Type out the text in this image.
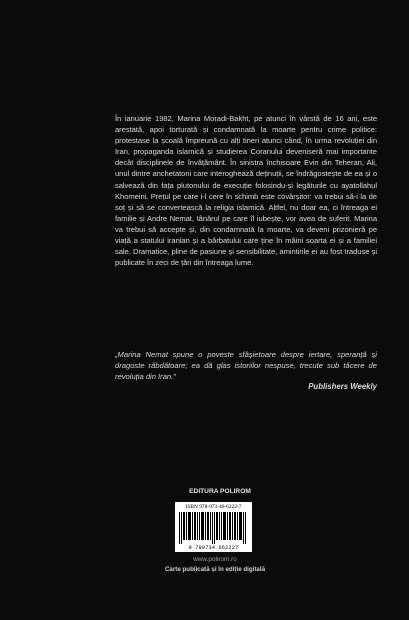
În ianuarie 1982, Marina Moradi-Bakht, pe atunci în vârstă de 16 ani, este arestată, apoi torturată și condamnată la moarte pentru crime politice: protestase la școală împreună cu alți tineri atunci când, în urma revoluției din Iran, propaganda islamică și studierea Coranului deveniseră mai importante decât disciplinele de învățământ. În sinistra închisoare Evin din Teheran, Ali, unul dintre anchetatorii care interoghează deținuții, se îndrăgostește de ea și o salvează din fața plutonului de execuție folosindu-și legăturile cu ayatollahul Khomeini. Prețul pe care i-l cere în schimb este covârșitor: va trebui să-i la de soț și să se convertească la religia islamică. Altfel, nu doar ea, ci întreaga ei familie și Andre Nemat, tânărul pe care îl iubește, vor avea de suferit. Marina va trebui să accepte și, din condamnată la moarte, va deveni prizonieră pe viață a statului iranian și a bărbatului care ține în mâini soarta ei și a familiei sale. Dramatice, pline de pasiune și sensibilitate, amintirile ei au fost traduse și publicate în zeci de țări din întreaga lume.

„Marina Nemat spune o poveste sfâșietoare despre iertare, speranță și dragoste răbdătoare; ea dă glas istoriilor nespuse, trecute sub tăcere de revoluția din Iran.”

Publishers Weekly
EDITURA POLIROM
ISBN 978-973-46-6222-7
9 789734 662227
www.polirom.ro
Carte publicată și în ediție digitală
